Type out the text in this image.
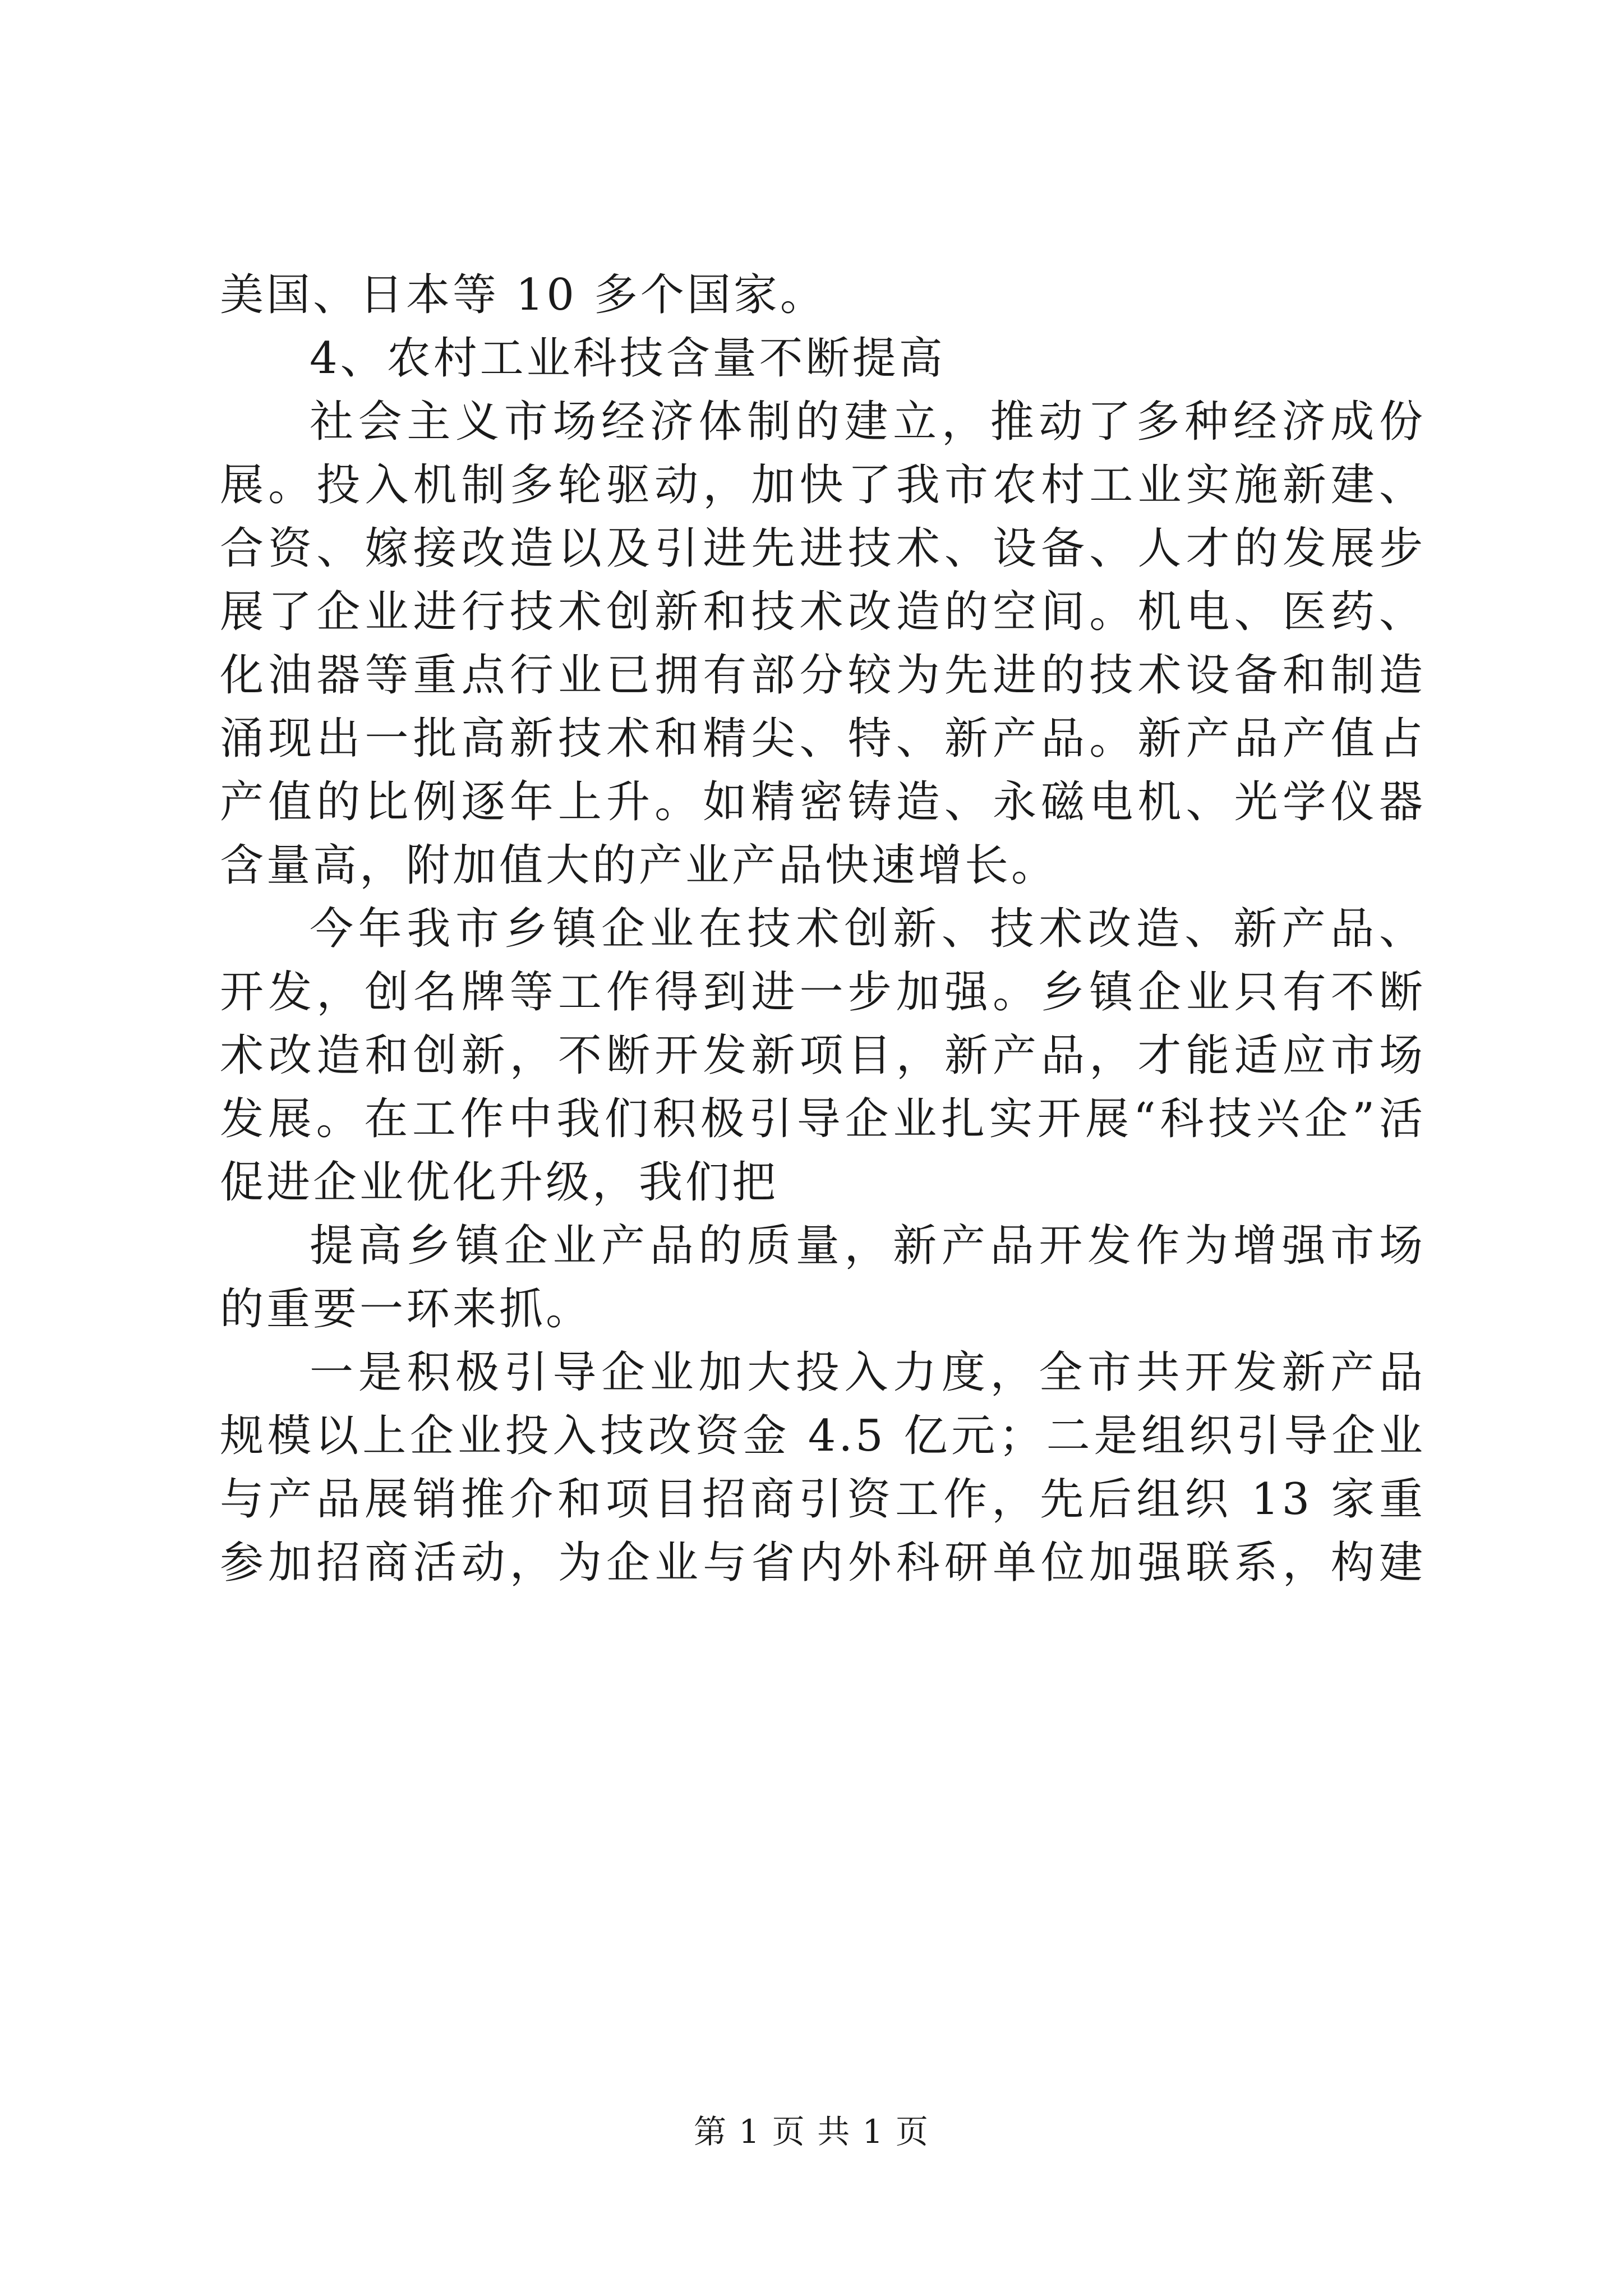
美国、日本等 10 多个国家。
4、农村工业科技含量不断提高
社会主义市场经济体制的建立，推动了多种经济成份
展。投入机制多轮驱动，加快了我市农村工业实施新建、
合资、嫁接改造以及引进先进技术、设备、人才的发展步
展了企业进行技术创新和技术改造的空间。机电、医药、
化油器等重点行业已拥有部分较为先进的技术设备和制造
涌现出一批高新技术和精尖、特、新产品。新产品产值占
产值的比例逐年上升。如精密铸造、永磁电机、光学仪器
含量高，附加值大的产业产品快速增长。
今年我市乡镇企业在技术创新、技术改造、新产品、
开发，创名牌等工作得到进一步加强。乡镇企业只有不断
术改造和创新，不断开发新项目，新产品，才能适应市场
发展。在工作中我们积极引导企业扎实开展“科技兴企”活
促进企业优化升级，我们把
提高乡镇企业产品的质量，新产品开发作为增强市场
的重要一环来抓。
一是积极引导企业加大投入力度，全市共开发新产品
规模以上企业投入技改资金 4.5 亿元；二是组织引导企业
与产品展销推介和项目招商引资工作，先后组织 13 家重
参加招商活动，为企业与省内外科研单位加强联系，构建
第 1 页 共 1 页
